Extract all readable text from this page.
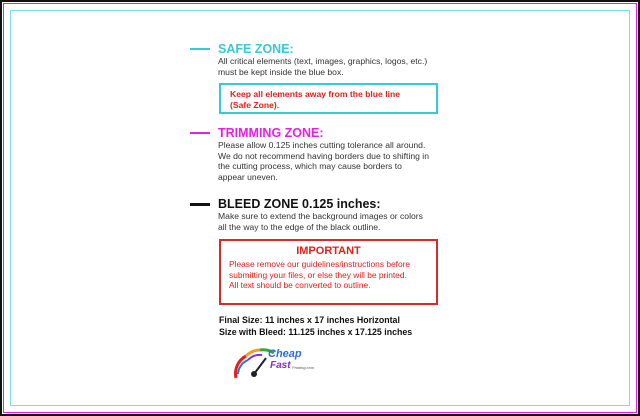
SAFE ZONE:
All critical elements (text, images, graphics, logos, etc.)
must be kept inside the blue box.
Keep all elements away from the blue line
(Safe Zone).
TRIMMING ZONE:
Please allow 0.125 inches cutting tolerance all around.
We do not recommend having borders due to shifting in
the cutting process, which may cause borders to
appear uneven.
BLEED ZONE 0.125 inches:
Make sure to extend the background images or colors
all the way to the edge of the black outline.
IMPORTANT
Please remove our guidelines/instructions before
submitting your files, or else they will be printed.
All text should be converted to outline.
Final Size: 11 inches x 17 inches Horizontal
Size with Bleed: 11.125 inches x 17.125 inches
Cheap
Fast Printing.com
